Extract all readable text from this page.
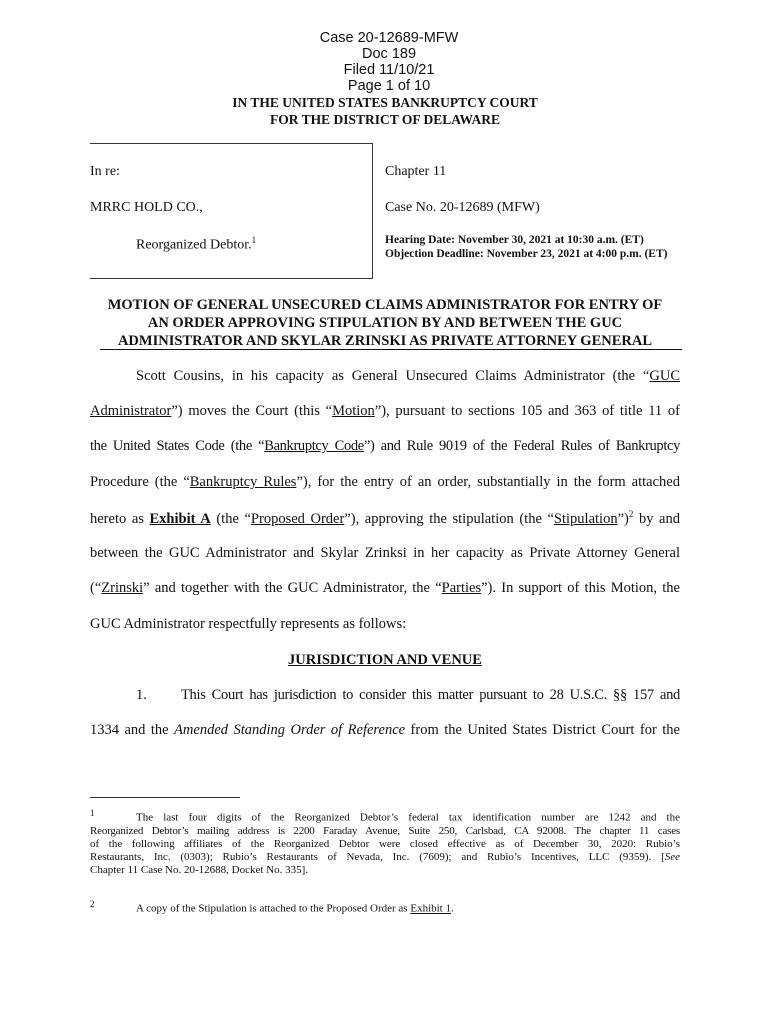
Case 20-12689-MFW
Doc 189
Filed 11/10/21
Page 1 of 10

IN THE UNITED STATES BANKRUPTCY COURT
FOR THE DISTRICT OF DELAWARE
In re:
MRRC HOLD CO.,
Reorganized Debtor.$^1$
Chapter 11
Case No. 20-12689 (MFW)
Hearing Date: November 30, 2021 at 10:30 a.m. (ET)
Objection Deadline: November 23, 2021 at 4:00 p.m. (ET)
MOTION OF GENERAL UNSECURED CLAIMS ADMINISTRATOR FOR ENTRY OF
AN ORDER APPROVING STIPULATION BY AND BETWEEN THE GUC
ADMINISTRATOR AND SKYLAR ZRINSKI AS PRIVATE ATTORNEY GENERAL
Scott Cousins, in his capacity as General Unsecured Claims Administrator (the “GUC
Administrator”) moves the Court (this “Motion”), pursuant to sections 105 and 363 of title 11 of
the United States Code (the “Bankruptcy Code”) and Rule 9019 of the Federal Rules of Bankruptcy
Procedure (the “Bankruptcy Rules”), for the entry of an order, substantially in the form attached
hereto as Exhibit A (the “Proposed Order”), approving the stipulation (the “Stipulation”)$^2$ by and
between the GUC Administrator and Skylar Zrinksi in her capacity as Private Attorney General
(“Zrinski” and together with the GUC Administrator, the “Parties”). In support of this Motion, the
GUC Administrator respectfully represents as follows:
JURISDICTION AND VENUE
1.	This Court has jurisdiction to consider this matter pursuant to 28 U.S.C. §§ 157 and
1334 and the Amended Standing Order of Reference from the United States District Court for the
1	The last four digits of the Reorganized Debtor’s federal tax identification number are 1242 and the
Reorganized Debtor’s mailing address is 2200 Faraday Avenue, Suite 250, Carlsbad, CA 92008. The chapter 11 cases
of the following affiliates of the Reorganized Debtor were closed effective as of December 30, 2020: Rubio’s
Restaurants, Inc. (0303); Rubio’s Restaurants of Nevada, Inc. (7609); and Rubio’s Incentives, LLC (9359). [See
Chapter 11 Case No. 20-12688, Docket No. 335].
2	A copy of the Stipulation is attached to the Proposed Order as Exhibit 1.
